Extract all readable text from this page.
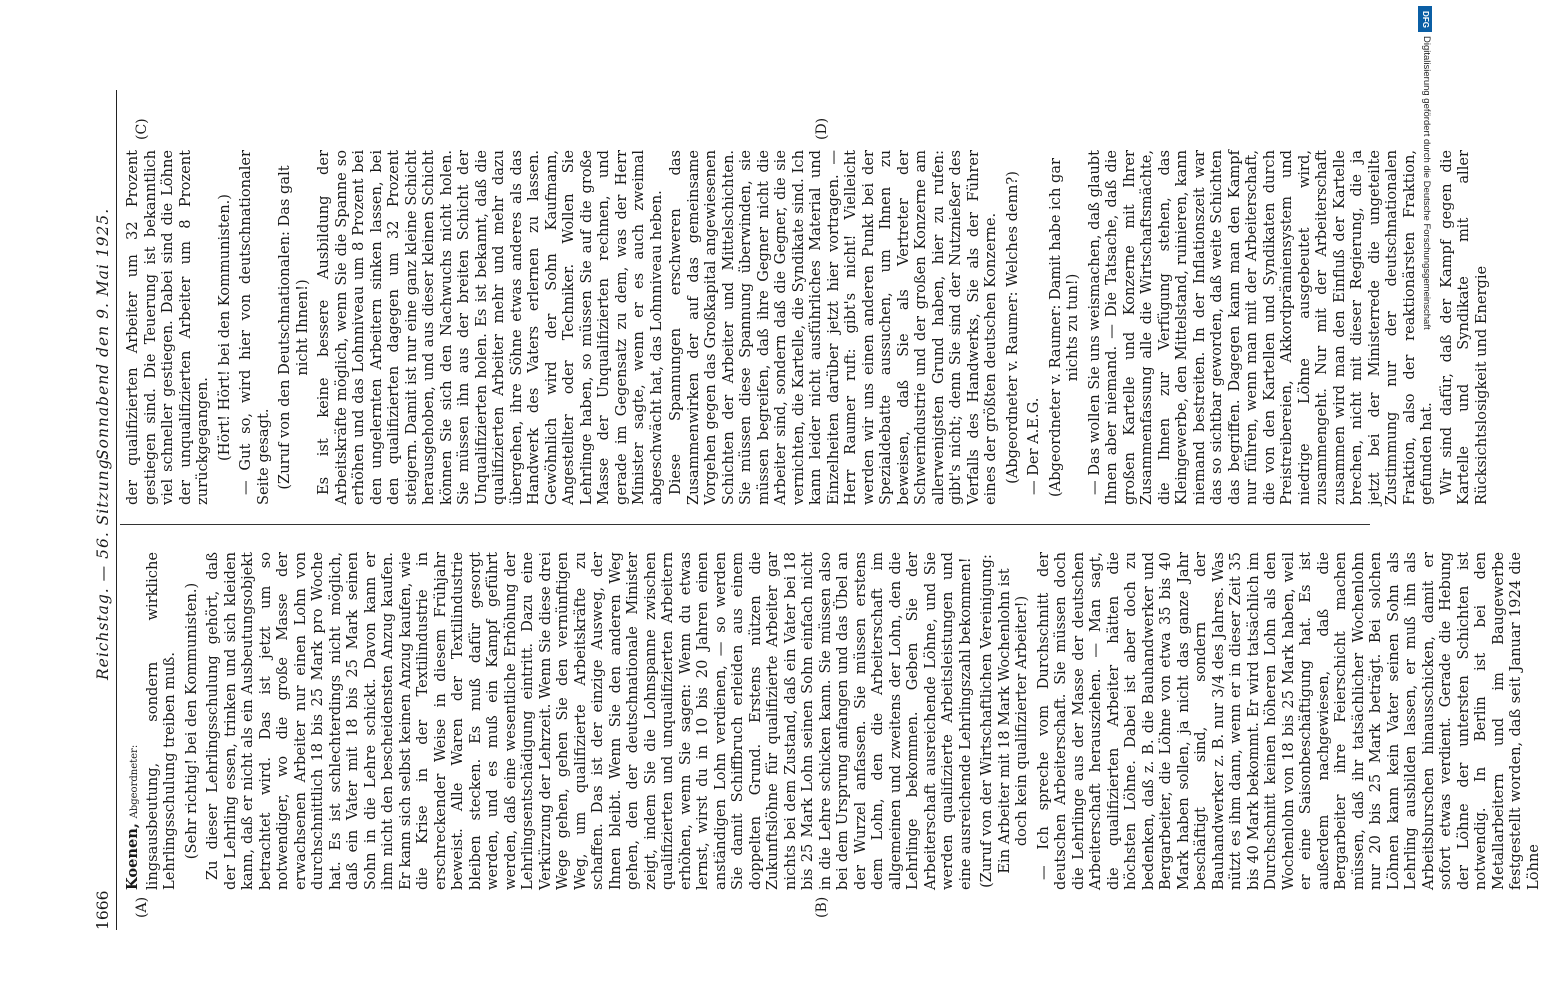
1666
Reichstag. — 56. Sitzung.
Sonnabend den 9. Mai 1925.
(A)	(B)
(C)	(D)

Koenen, Abgeordneter: lingsausbeutung, sondern wirkliche Lehrlingsschulung treiben muß. (Sehr richtig! bei den Kommunisten.) Zu dieser Lehrlingsschulung gehört, daß der Lehrling essen, trinken und sich kleiden kann, daß er nicht als ein Ausbeutungsobjekt betrachtet wird. Das ist jetzt um so notwendiger, wo die große Masse der erwachsenen Arbeiter nur einen Lohn von durchschnittlich 18 bis 25 Mark pro Woche hat. Es ist schlechterdings nicht möglich, daß ein Vater mit 18 bis 25 Mark seinen Sohn in die Lehre schickt. Davon kann er ihm nicht den bescheidensten Anzug kaufen. Er kann sich selbst keinen Anzug kaufen, wie die Krise in der Textilindustrie in erschreckender Weise in diesem Frühjahr beweist. Alle Waren der Textilindustrie bleiben stecken. Es muß dafür gesorgt werden, und es muß ein Kampf geführt werden, daß eine wesentliche Erhöhung der Lehrlingsentschädigung eintritt. Dazu eine Verkürzung der Lehrzeit. Wenn Sie diese drei Wege gehen, gehen Sie den vernünftigen Weg, um qualifizierte Arbeitskräfte zu schaffen. Das ist der einzige Ausweg, der Ihnen bleibt. Wenn Sie den anderen Weg gehen, den der deutschnationale Minister zeigt, indem Sie die Lohnspanne zwischen qualifizierten und unqualifizierten Arbeitern erhöhen, wenn Sie sagen: Wenn du etwas lernst, wirst du in 10 bis 20 Jahren einen anständigen Lohn verdienen, — so werden Sie damit Schiffbruch erleiden aus einem doppelten Grund. Erstens nützen die Zukunftslöhne für qualifizierte Arbeiter gar nichts bei dem Zustand, daß ein Vater bei 18 bis 25 Mark Lohn seinen Sohn einfach nicht in die Lehre schicken kann. Sie müssen also bei dem Ursprung anfangen und das Übel an der Wurzel anfassen. Sie müssen erstens dem Lohn, den die Arbeiterschaft im allgemeinen und zweitens der Lohn, den die Lehrlinge bekommen. Geben Sie der Arbeiterschaft ausreichende Löhne, und Sie werden qualifizierte Arbeitsleistungen und eine ausreichende Lehrlingszahl bekommen! (Zuruf von der Wirtschaftlichen Vereinigung: Ein Arbeiter mit 18 Mark Wochenlohn ist doch kein qualifizierter Arbeiter!) — Ich spreche vom Durchschnitt der deutschen Arbeiterschaft. Sie müssen doch die Lehrlinge aus der Masse der deutschen Arbeiterschaft herausziehen. — Man sagt, die qualifizierten Arbeiter hätten die höchsten Löhne. Dabei ist aber doch zu bedenken, daß z. B. die Bauhandwerker und Bergarbeiter, die Löhne von etwa 35 bis 40 Mark haben sollen, ja nicht das ganze Jahr beschäftigt sind, sondern der Bauhandwerker z. B. nur 3/4 des Jahres. Was nützt es ihm dann, wenn er in dieser Zeit 35 bis 40 Mark bekommt. Er wird tatsächlich im Durchschnitt keinen höheren Lohn als den Wochenlohn von 18 bis 25 Mark haben, weil er eine Saisonbeschäftigung hat. Es ist außerdem nachgewiesen, daß die Bergarbeiter ihre Feierschicht machen müssen, daß ihr tatsächlicher Wochenlohn nur 20 bis 25 Mark beträgt. Bei solchen Löhnen kann kein Vater seinen Sohn als Lehrling ausbilden lassen, er muß ihn als Arbeitsburschen hinausschicken, damit er sofort etwas verdient. Gerade die Hebung der Löhne der untersten Schichten ist notwendig. In Berlin ist bei den Metallarbeitern und im Baugewerbe festgestellt worden, daß seit Januar 1924 die Löhne

der qualifizierten Arbeiter um 32 Prozent gestiegen sind. Die Teuerung ist bekanntlich viel schneller gestiegen. Dabei sind die Löhne der unqualifizierten Arbeiter um 8 Prozent zurückgegangen. (Hört! Hört! bei den Kommunisten.) — Gut so, wird hier von deutschnationaler Seite gesagt. (Zuruf von den Deutschnationalen: Das galt nicht Ihnen!) Es ist keine bessere Ausbildung der Arbeitskräfte möglich, wenn Sie die Spanne so erhöhen und das Lohnniveau um 8 Prozent bei den ungelernten Arbeitern sinken lassen, bei den qualifizierten dagegen um 32 Prozent steigern. Damit ist nur eine ganz kleine Schicht herausgehoben, und aus dieser kleinen Schicht können Sie sich den Nachwuchs nicht holen. Sie müssen ihn aus der breiten Schicht der Unqualifizierten holen. Es ist bekannt, daß die qualifizierten Arbeiter mehr und mehr dazu übergehen, ihre Söhne etwas anderes als das Handwerk des Vaters erlernen zu lassen. Gewöhnlich wird der Sohn Kaufmann, Angestellter oder Techniker. Wollen Sie Lehrlinge haben, so müssen Sie auf die große Masse der Unqualifizierten rechnen, und gerade im Gegensatz zu dem, was der Herr Minister sagte, wenn er es auch zweimal abgeschwächt hat, das Lohnniveau heben. Diese Spannungen erschweren das Zusammenwirken der auf das gemeinsame Vorgehen gegen das Großkapital angewiesenen Schichten der Arbeiter und Mittelschichten. Sie müssen diese Spannung überwinden, sie müssen begreifen, daß ihre Gegner nicht die Arbeiter sind, sondern daß die Gegner, die sie vernichten, die Kartelle, die Syndikate sind. Ich kann leider nicht ausführliches Material und Einzelheiten darüber jetzt hier vortragen. — Herr Raumer ruft: gibt's nicht! Vielleicht werden wir uns einen anderen Punkt bei der Spezialdebatte aussuchen, um Ihnen zu beweisen, daß Sie als Vertreter der Schwerindustrie und der großen Konzerne am allerwenigsten Grund haben, hier zu rufen: gibt's nicht; denn Sie sind der Nutznießer des Verfalls des Handwerks, Sie als der Führer eines der größten deutschen Konzerne. (Abgeordneter v. Raumer: Welches denn?) — Der A.E.G. (Abgeordneter v. Raumer: Damit habe ich gar nichts zu tun!) — Das wollen Sie uns weismachen, daß glaubt Ihnen aber niemand. — Die Tatsache, daß die großen Kartelle und Konzerne mit Ihrer Zusammenfassung alle die Wirtschaftsmächte, die Ihnen zur Verfügung stehen, das Kleingewerbe, den Mittelstand, ruinieren, kann niemand bestreiten. In der Inflationszeit war das so sichtbar geworden, daß weite Schichten das begriffen. Dagegen kann man den Kampf nur führen, wenn man mit der Arbeiterschaft, die von den Kartellen und Syndikaten durch Preistreibereien, Akkordprämiensystem und niedrige Löhne ausgebeutet wird, zusammengeht. Nur mit der Arbeiterschaft zusammen wird man den Einfluß der Kartelle brechen, nicht mit dieser Regierung, die ja jetzt bei der Ministerrede die ungeteilte Zustimmung nur der deutschnationalen Fraktion, also der reaktionärsten Fraktion, gefunden hat. Wir sind dafür, daß der Kampf gegen die Kartelle und Syndikate mit aller Rücksichtslosigkeit und Energie

DFG
Digitalisierung gefördert durch die Deutsche Forschungsgemeinschaft
